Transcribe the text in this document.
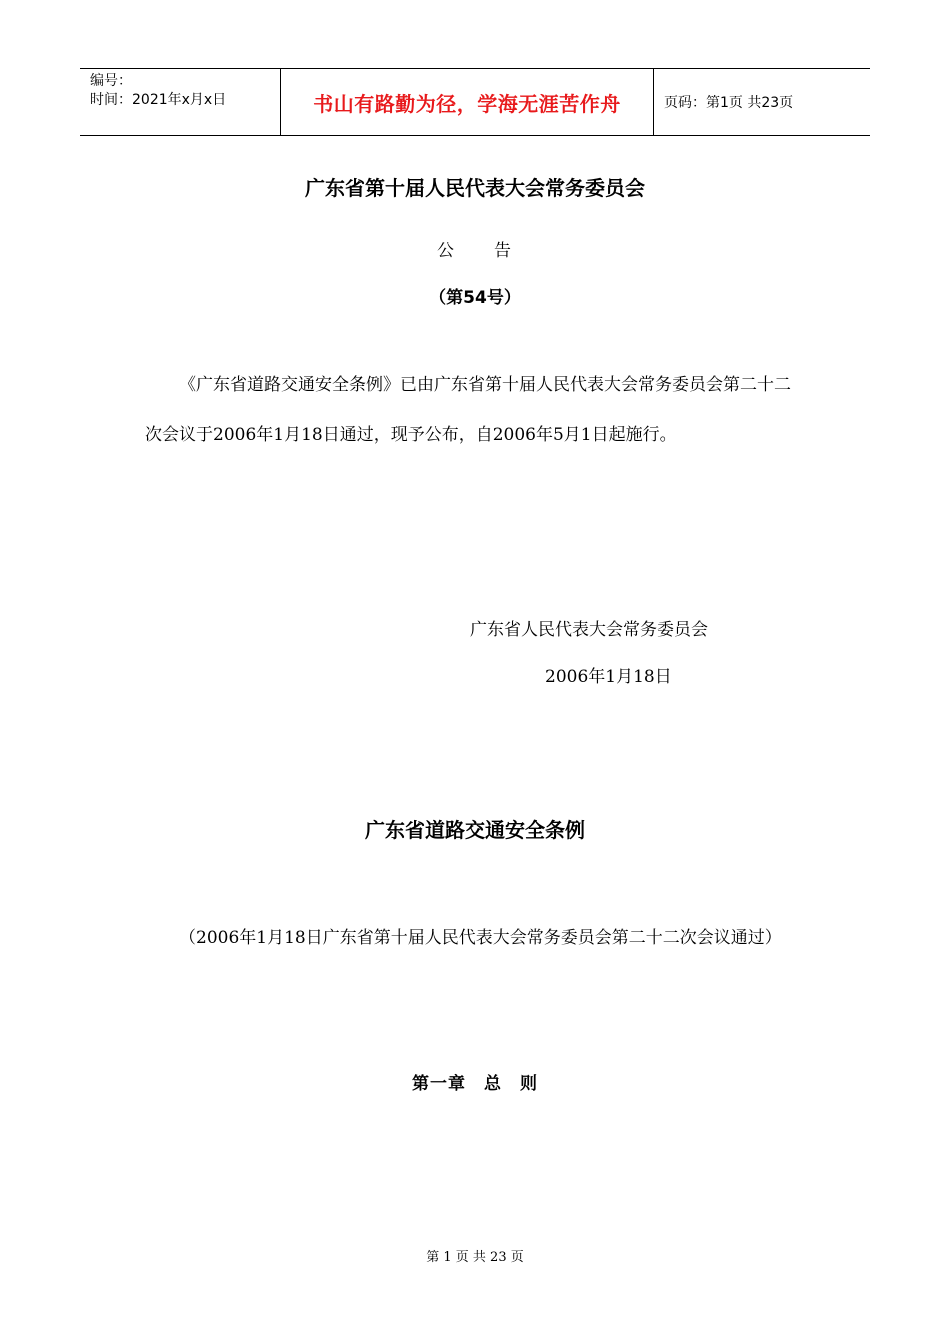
编号：
时间：2021年x月x日	书山有路勤为径，学海无涯苦作舟	页码：第1页 共23页
广东省第十届人民代表大会常务委员会
公　　告
（第54号）
《广东省道路交通安全条例》已由广东省第十届人民代表大会常务委员会第二十二次会议于2006年1月18日通过，现予公布，自2006年5月1日起施行。
广东省人民代表大会常务委员会
2006年1月18日
广东省道路交通安全条例
（2006年1月18日广东省第十届人民代表大会常务委员会第二十二次会议通过）
第一章　总　则
第 1 页 共 23 页
